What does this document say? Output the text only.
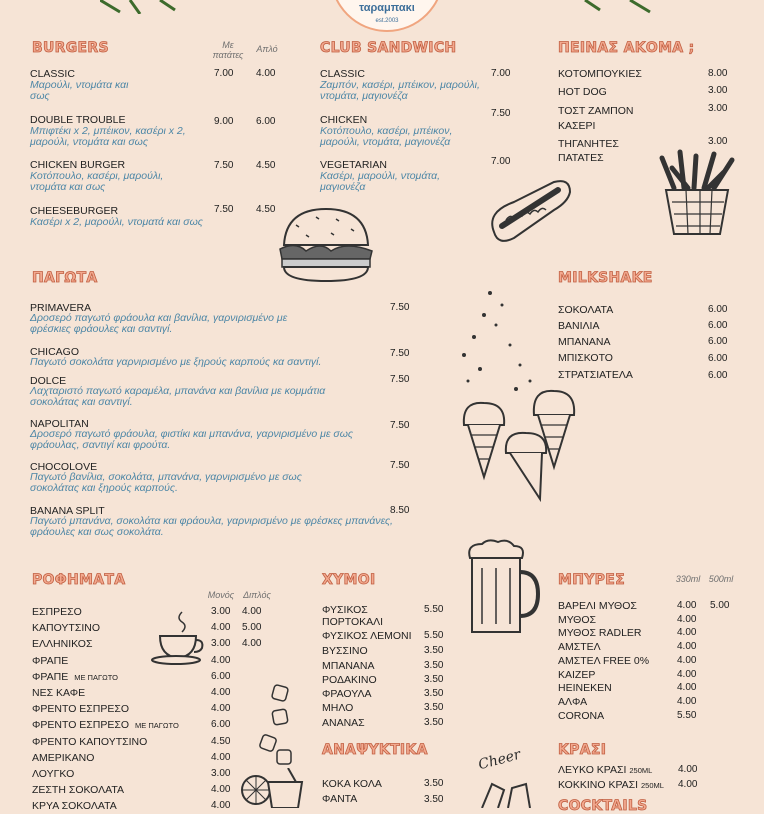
ταραμπακι
est.2003
BURGERS	Με πατάτες
Απλό
CLASSIC
Μαρούλι, ντομάτα και σως
7.00 4.00
DOUBLE TROUBLE
Μπιφτέκι x 2, μπέικον, κασέρι x 2, μαρούλι, ντομάτα και σως
9.00 6.00
CHICKEN BURGER
Κοτόπουλο, κασέρι, μαρούλι, ντομάτα και σως
7.50 4.50
CHEESEBURGER
Κασέρι x 2, μαρούλι, ντοματά και σως
7.50 4.50
CLUB SANDWICH
CLASSIC
Ζαμπόν, κασέρι, μπέικον, μαρούλι, ντομάτα, μαγιονέζα
7.00
CHICKEN
Κοτόπουλο, κασέρι, μπέικον, μαρούλι, ντομάτα, μαγιονέζα
7.50
VEGETARIAN
Κασέρι, μαρούλι, ντομάτα, μαγιονέζα
7.00
ΠΕΙΝΑΣ ΑΚΟΜΑ ;
ΚΟΤΟΜΠΟΥΚΙΕΣ	8.00
HOT DOG	3.00
ΤΟΣΤ ΖΑΜΠΟΝ ΚΑΣΕΡΙ
3.00
ΤΗΓΑΝΗΤΕΣ ΠΑΤΑΤΕΣ
3.00
ΠΑΓΩΤΑ
PRIMAVERA
Δροσερό παγωτό φράουλα και βανίλια, γαρνιρισμένο με φρέσκιες φράουλες και σαντιγί.
7.50
CHICAGO
Παγωτό σοκολάτα γαρνιρισμένο με ξηρούς καρπούς κα σαντιγί.
7.50
DOLCE
Λαχταριστό παγωτό καραμέλα, μπανάνα και βανίλια με κομμάτια σοκολάτας και σαντιγί.
7.50
NAPOLITAN
Δροσερό παγωτό φράουλα, φιστίκι και μπανάνα, γαρνιρισμένο με σως φράουλας, σαντιγί και φρούτα.
7.50
CHOCOLOVE
Παγωτό βανίλια, σοκολάτα, μπανάνα, γαρνιρισμένο με σως σοκολάτας και ξηρούς καρπούς.
7.50
BANANA SPLIT
Παγωτό μπανάνα, σοκολάτα και φράουλα, γαρνιρισμένο με φρέσκες μπανάνες, φράουλες και σως σοκολάτα.
8.50
MILKSHAKE
ΣΟΚΟΛΑΤΑ	6.00
ΒΑΝΙΛΙΑ	6.00
ΜΠΑΝΑΝΑ	6.00
ΜΠΙΣΚΟΤΟ	6.00
ΣΤΡΑΤΣΙΑΤΕΛΑ	6.00
ΡΟΦΗΜΑΤΑ
Μονός Διπλός
ΕΣΠΡΕΣΟ	3.00 4.00
ΚΑΠΟΥΤΣΙΝΟ	4.00 5.00
ΕΛΛΗΝΙΚΟΣ	3.00 4.00
ΦΡΑΠΕ	4.00
ΦΡΑΠΕ ΜΕ ΠΑΓΩΤΟ	6.00
ΝΕΣ ΚΑΦΕ	4.00
ΦΡΕΝΤΟ ΕΣΠΡΕΣΟ	4.00
ΦΡΕΝΤΟ ΕΣΠΡΕΣΟ ΜΕ ΠΑΓΩΤΟ	6.00
ΦΡΕΝΤΟ ΚΑΠΟΥΤΣΙΝΟ	4.50
ΑΜΕΡΙΚΑΝΟ	4.00
ΛΟΥΓΚΟ	3.00
ΖΕΣΤΗ ΣΟΚΟΛΑΤΑ	4.00
ΚΡΥΑ ΣΟΚΟΛΑΤΑ	4.00
ΧΥΜΟΙ
ΦΥΣΙΚΟΣ ΠΟΡΤΟΚΑΛΙ
5.50
ΦΥΣΙΚΟΣ ΛΕΜΟΝΙ 5.50
ΒΥΣΣΙΝΟ	3.50
ΜΠΑΝΑΝΑ	3.50
ΡΟΔΑΚΙΝΟ	3.50
ΦΡΑΟΥΛΑ	3.50
ΜΗΛΟ	3.50
ΑΝΑΝΑΣ	3.50
ΑΝΑΨΥΚΤΙΚΑ
ΚΟΚΑ ΚΟΛΑ	3.50
ΦΑΝΤΑ	3.50
Cheer
ΜΠΥΡΕΣ	330ml 500ml
ΒΑΡΕΛΙ ΜΥΘΟΣ	4.00 5.00
ΜΥΘΟΣ	4.00
ΜΥΘΟΣ RADLER	4.00
ΑΜΣΤΕΛ	4.00
ΑΜΣΤΕΛ FREE 0%	4.00
ΚΑΙΖΕΡ	4.00
HEINEKEN	4.00
ΑΛΦΑ	4.00
CORONA	5.50
ΚΡΑΣΙ
ΛΕΥΚΟ ΚΡΑΣΙ 250ML	4.00
ΚΟΚΚΙΝΟ ΚΡΑΣΙ 250ML 4.00
COCKTAILS
